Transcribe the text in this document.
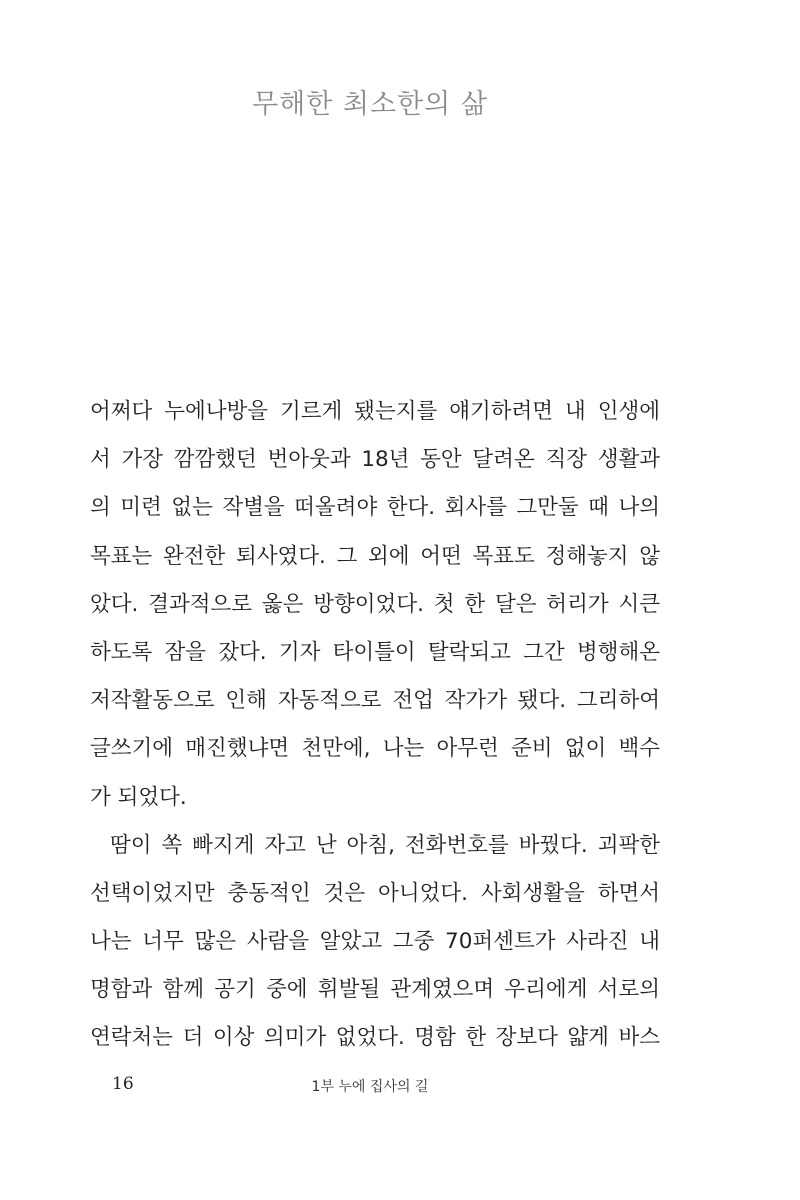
무해한 최소한의 삶
어쩌다 누에나방을 기르게 됐는지를 얘기하려면 내 인생에
서 가장 깜깜했던 번아웃과 18년 동안 달려온 직장 생활과
의 미련 없는 작별을 떠올려야 한다. 회사를 그만둘 때 나의
목표는 완전한 퇴사였다. 그 외에 어떤 목표도 정해놓지 않
았다. 결과적으로 옳은 방향이었다. 첫 한 달은 허리가 시큰
하도록 잠을 잤다. 기자 타이틀이 탈락되고 그간 병행해온
저작활동으로 인해 자동적으로 전업 작가가 됐다. 그리하여
글쓰기에 매진했냐면 천만에, 나는 아무런 준비 없이 백수
가 되었다.
땀이 쏙 빠지게 자고 난 아침, 전화번호를 바꿨다. 괴팍한
선택이었지만 충동적인 것은 아니었다. 사회생활을 하면서
나는 너무 많은 사람을 알았고 그중 70퍼센트가 사라진 내
명함과 함께 공기 중에 휘발될 관계였으며 우리에게 서로의
연락처는 더 이상 의미가 없었다. 명함 한 장보다 얇게 바스
16	1부 누에 집사의 길
